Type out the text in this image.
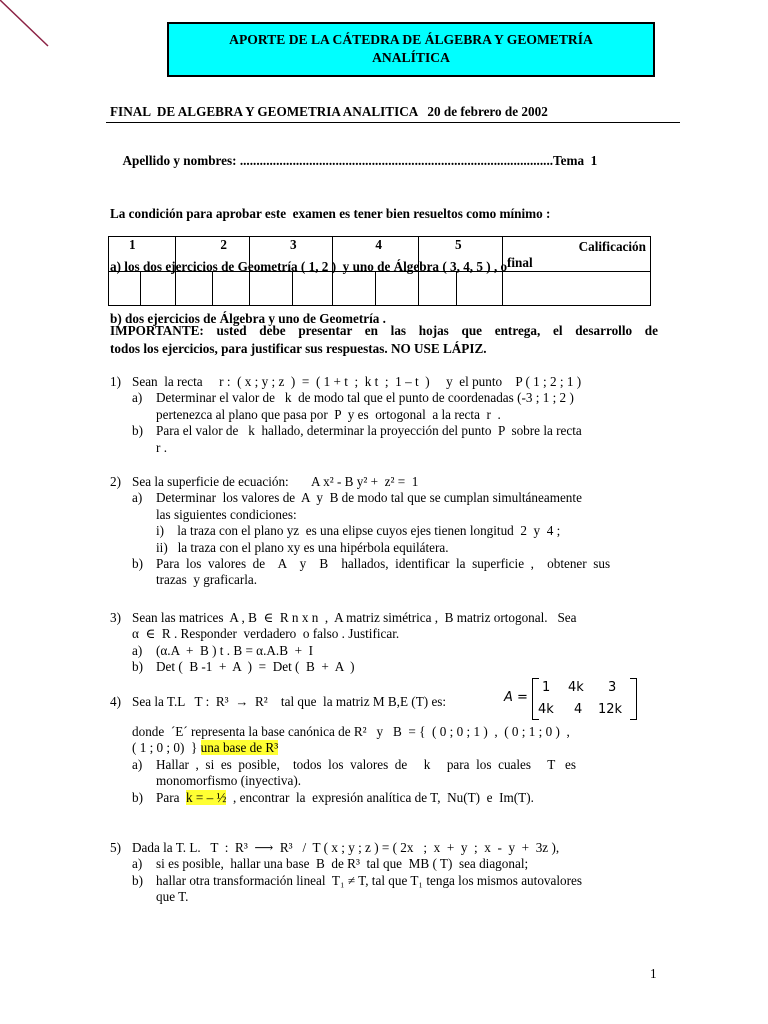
APORTE DE LA CÁTEDRA DE ÁLGEBRA Y GEOMETRÍA
ANALÍTICA
FINAL  DE ALGEBRA Y GEOMETRIA ANALITICA   20 de febrero de 2002

Apellido y nombres: ...............................................................................................Tema  1

La condición para aprobar este  examen es tener bien resueltos como mínimo :

a) los dos ejercicios de Geometría ( 1, 2 )  y uno de Álgebra ( 3, 4, 5 ) , o

b) dos ejercicios de Álgebra y uno de Geometría .

1		2		3		4		5		Calificación
final

IMPORTANTE:  usted  debe  presentar  en  las  hojas  que  entrega,  el  desarrollo  de
todos los ejercicios, para justificar sus respuestas. NO USE LÁPIZ.
1) Sean  la recta     r :  ( x ; y ; z  )  =  ( 1 + t  ;  k t  ;  1 – t  )     y  el punto    P ( 1 ; 2 ; 1 )
a) Determinar el valor de   k  de modo tal que el punto de coordenadas (-3 ; 1 ; 2 )
pertenezca al plano que pasa por  P  y es  ortogonal  a la recta  r  .
b) Para el valor de   k  hallado, determinar la proyección del punto  P  sobre la recta
r .
2) Sea la superficie de ecuación:       A x² - B y² +  z² =  1
a) Determinar  los valores de  A  y  B de modo tal que se cumplan simultáneamente
las siguientes condiciones:
i)    la traza con el plano yz  es una elipse cuyos ejes tienen longitud  2  y  4 ;
ii)   la traza con el plano xy es una hipérbola equilátera.
b) Para  los  valores  de    A    y    B    hallados,  identificar  la  superficie  ,    obtener  sus
trazas  y graficarla.
3) Sean las matrices  A , B  ∈  R n x n  ,  A matriz simétrica ,  B matriz ortogonal.   Sea
α  ∈  R . Responder  verdadero  o falso . Justificar.
a) (α.A  +  B ) t . B = α.A.B  +  I
b) Det (  B -1  +  A  )  =  Det (  B  +  A  )
4) Sea la T.L   T :  R³  →  R²    tal que  la matriz M B,E (T) es:	A =
1 4k 3
4k 4 12k
donde  ´E´ representa la base canónica de R²   y   B  = {  ( 0 ; 0 ; 1 )  ,  ( 0 ; 1 ; 0 )  ,
( 1 ; 0 ; 0)  } una base de R³
a) Hallar  ,  si  es  posible,    todos  los  valores  de     k     para  los  cuales     T   es
monomorfismo (inyectiva).
b) Para  k = – ½  , encontrar  la  expresión analítica de T,  Nu(T)  e  Im(T).
5) Dada la T. L.   T  :  R³  ⟶  R³   /  T ( x ; y ; z ) = ( 2x   ;  x  +  y  ;  x  -  y  +  3z ),
a) si es posible,  hallar una base  B  de R³  tal que  MB ( T)  sea diagonal;
b) hallar otra transformación lineal  T₁ ≠ T, tal que T₁ tenga los mismos autovalores
que T.
1
